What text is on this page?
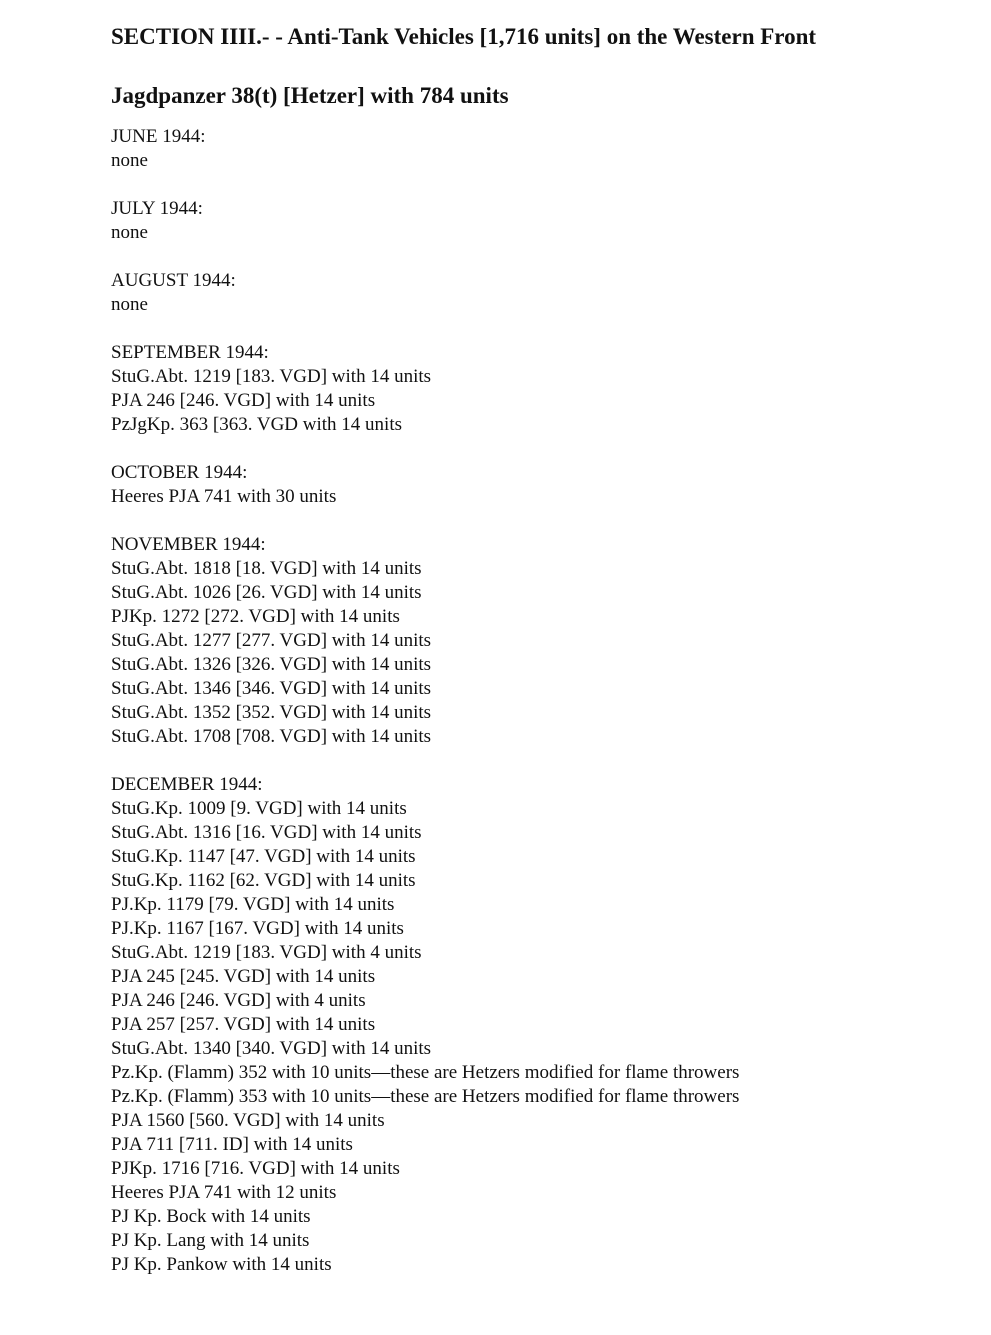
SECTION IIII.- - Anti-Tank Vehicles [1,716 units] on the Western Front
Jagdpanzer 38(t) [Hetzer] with 784 units
JUNE 1944:
none
JULY 1944:
none
AUGUST 1944:
none
SEPTEMBER 1944:
StuG.Abt. 1219 [183. VGD] with 14 units
PJA 246 [246. VGD] with 14 units
PzJgKp. 363 [363. VGD with 14 units
OCTOBER 1944:
Heeres PJA 741 with 30 units
NOVEMBER 1944:
StuG.Abt. 1818 [18. VGD] with 14 units
StuG.Abt. 1026 [26. VGD] with 14 units
PJKp. 1272 [272. VGD] with 14 units
StuG.Abt. 1277 [277. VGD] with 14 units
StuG.Abt. 1326 [326. VGD] with 14 units
StuG.Abt. 1346 [346. VGD] with 14 units
StuG.Abt. 1352 [352. VGD] with 14 units
StuG.Abt. 1708 [708. VGD] with 14 units
DECEMBER 1944:
StuG.Kp. 1009 [9. VGD] with 14 units
StuG.Abt. 1316 [16. VGD] with 14 units
StuG.Kp. 1147 [47. VGD] with 14 units
StuG.Kp. 1162 [62. VGD] with 14 units
PJ.Kp. 1179 [79. VGD] with 14 units
PJ.Kp. 1167 [167. VGD] with 14 units
StuG.Abt. 1219 [183. VGD] with 4 units
PJA 245 [245. VGD] with 14 units
PJA 246 [246. VGD] with 4 units
PJA 257 [257. VGD] with 14 units
StuG.Abt. 1340 [340. VGD] with 14 units
Pz.Kp. (Flamm) 352 with 10 units—these are Hetzers modified for flame throwers
Pz.Kp. (Flamm) 353 with 10 units—these are Hetzers modified for flame throwers
PJA 1560 [560. VGD] with 14 units
PJA 711 [711. ID] with 14 units
PJKp. 1716 [716. VGD] with 14 units
Heeres PJA 741 with 12 units
PJ Kp. Bock with 14 units
PJ Kp. Lang with 14 units
PJ Kp. Pankow with 14 units
